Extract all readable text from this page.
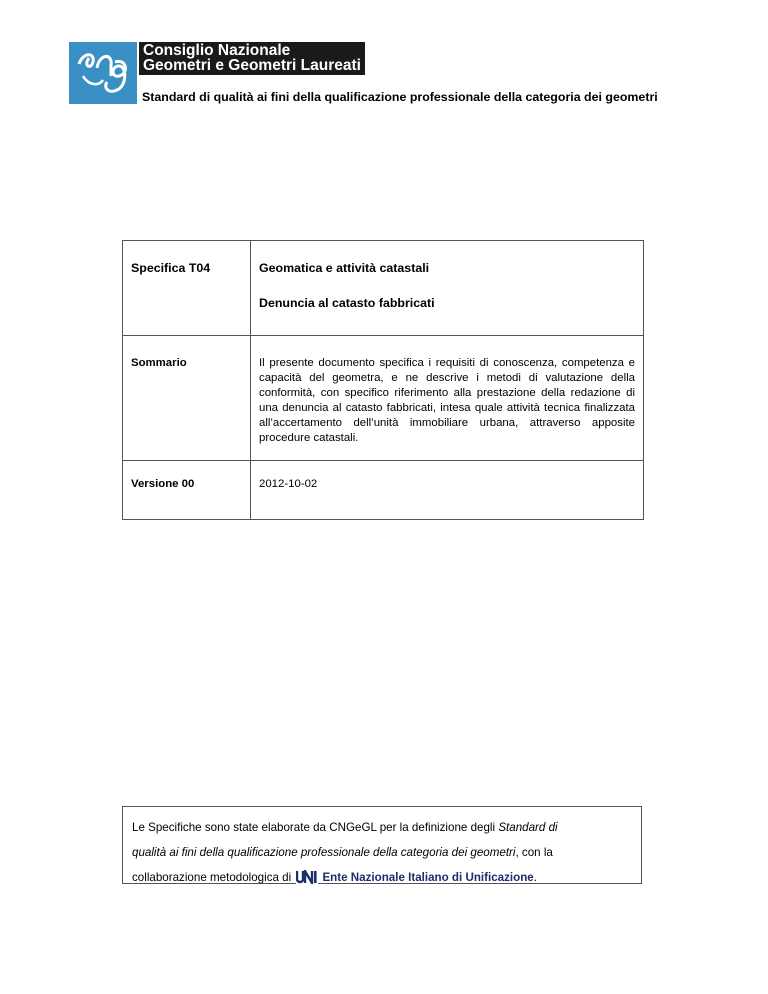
Consiglio Nazionale
Geometri e Geometri Laureati
Standard di qualità ai fini della qualificazione professionale della categoria dei geometri
Specifica T04	Geomatica e attività catastali
Denuncia al catasto fabbricati

Sommario	Il presente documento specifica i requisiti di conoscenza, competenza e capacità del geometra, e ne descrive i metodi di valutazione della conformità, con specifico riferimento alla prestazione della redazione di una denuncia al catasto fabbricati, intesa quale attività tecnica finalizzata all’accertamento dell’unità immobiliare urbana, attraverso apposite procedure catastali.
Versione 00	2012-10-02
Le Specifiche sono state elaborate da CNGeGL per la definizione degli Standard di
qualità ai fini della qualificazione professionale della categoria dei geometri, con la
collaborazione metodologica di	Ente Nazionale Italiano di Unificazione.
